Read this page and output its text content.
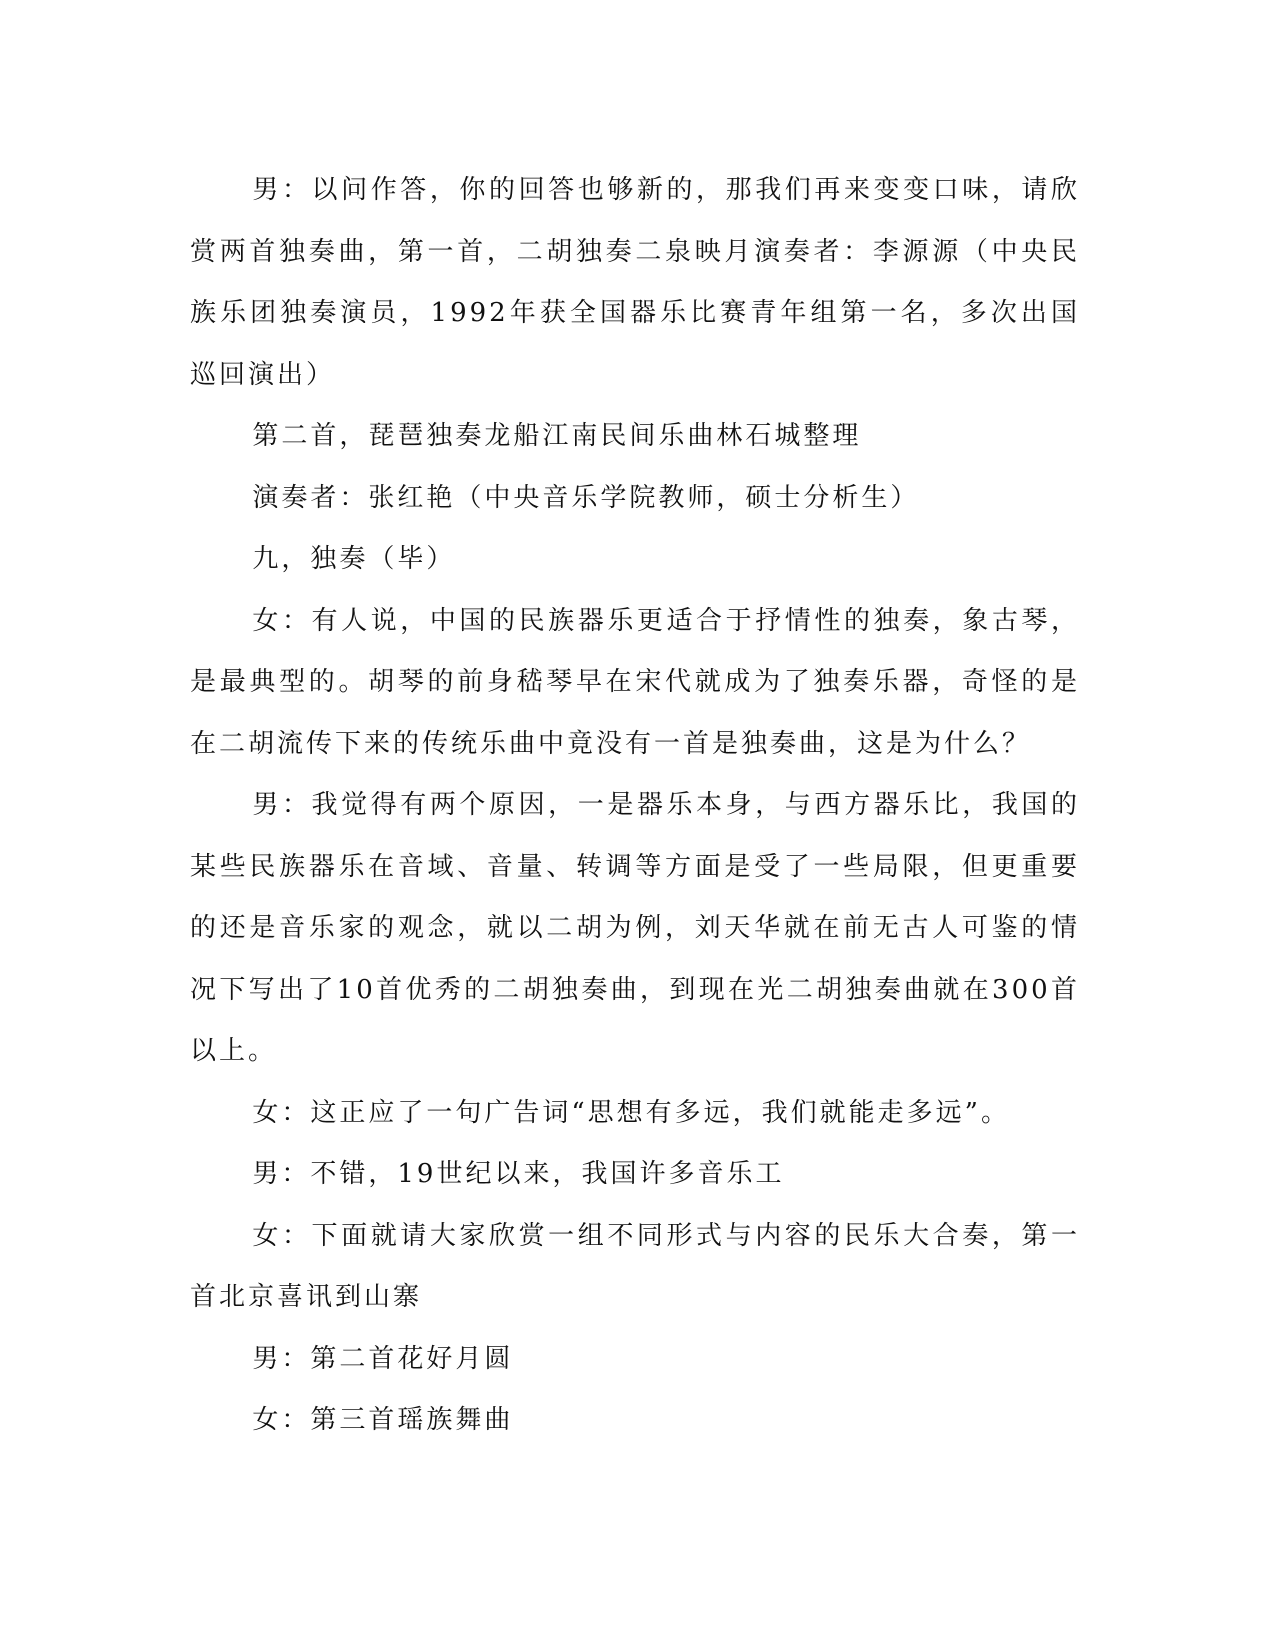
男：以问作答，你的回答也够新的，那我们再来变变口味，请欣赏两首独奏曲，第一首，二胡独奏二泉映月演奏者：李源源（中央民族乐团独奏演员，1992年获全国器乐比赛青年组第一名，多次出国巡回演出）

第二首，琵琶独奏龙船江南民间乐曲林石城整理

演奏者：张红艳（中央音乐学院教师，硕士分析生）

九，独奏（毕）

女：有人说，中国的民族器乐更适合于抒情性的独奏，象古琴，是最典型的。胡琴的前身嵇琴早在宋代就成为了独奏乐器，奇怪的是在二胡流传下来的传统乐曲中竟没有一首是独奏曲，这是为什么？

男：我觉得有两个原因，一是器乐本身，与西方器乐比，我国的某些民族器乐在音域、音量、转调等方面是受了一些局限，但更重要的还是音乐家的观念，就以二胡为例，刘天华就在前无古人可鉴的情况下写出了10首优秀的二胡独奏曲，到现在光二胡独奏曲就在300首以上。

女：这正应了一句广告词“思想有多远，我们就能走多远”。

男：不错，19世纪以来，我国许多音乐工

女：下面就请大家欣赏一组不同形式与内容的民乐大合奏，第一首北京喜讯到山寨

男：第二首花好月圆

女：第三首瑶族舞曲
